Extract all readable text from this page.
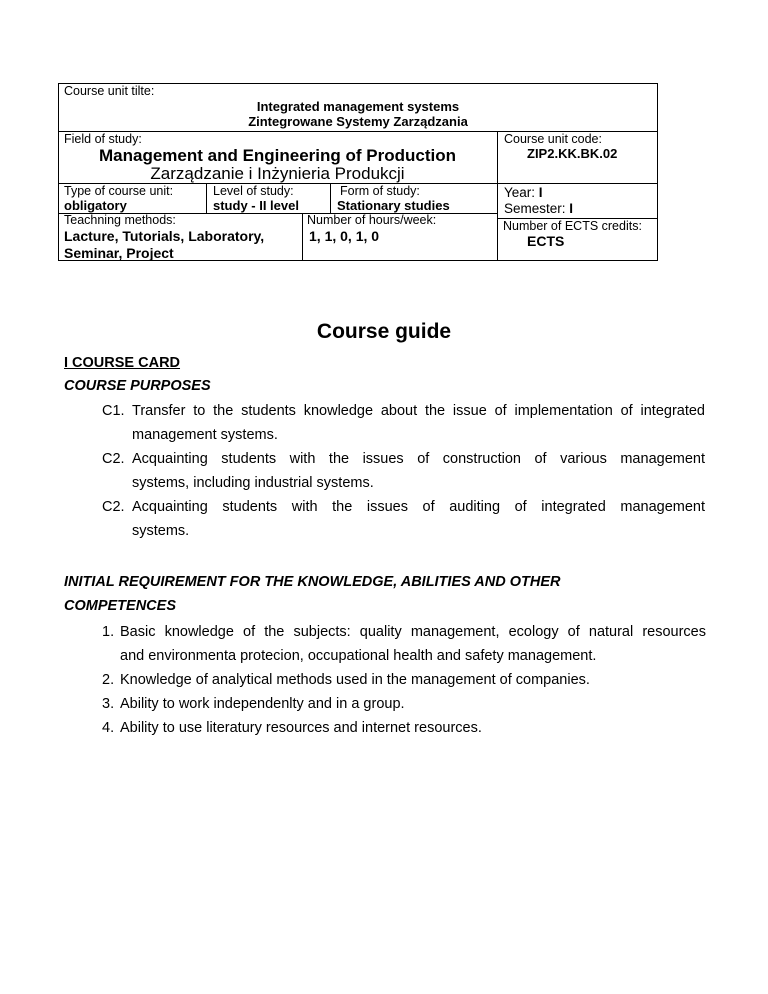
Course unit tilte:
Integrated management systems
Zintegrowane Systemy Zarządzania
Field of study:
Management and Engineering of Production
Zarządzanie i Inżynieria Produkcji
Course unit code:
ZIP2.KK.BK.02
Type of course unit:
obligatory
Level of study:
study - II level
Form of study:
Stationary studies
Year: I
Semester: I
Teachning methods:
Lacture, Tutorials, Laboratory,
Seminar, Project
Number of hours/week:
1, 1, 0, 1, 0
Number of ECTS credits:
ECTS
Course guide
I COURSE CARD
COURSE PURPOSES
C1. Transfer to the students knowledge about the issue of implementation of integrated
management systems.
C2. Acquainting students with the issues of construction of various management
systems, including industrial systems.
C2. Acquainting students with the issues of auditing of integrated management
systems.
INITIAL REQUIREMENT FOR THE KNOWLEDGE, ABILITIES AND OTHER
COMPETENCES
1. Basic knowledge of the subjects: quality management, ecology of natural resources
and environmenta protecion, occupational health and safety management.
2. Knowledge of analytical methods used in the management of companies.
3. Ability to work independenlty and in a group.
4. Ability to use literatury resources and internet resources.
